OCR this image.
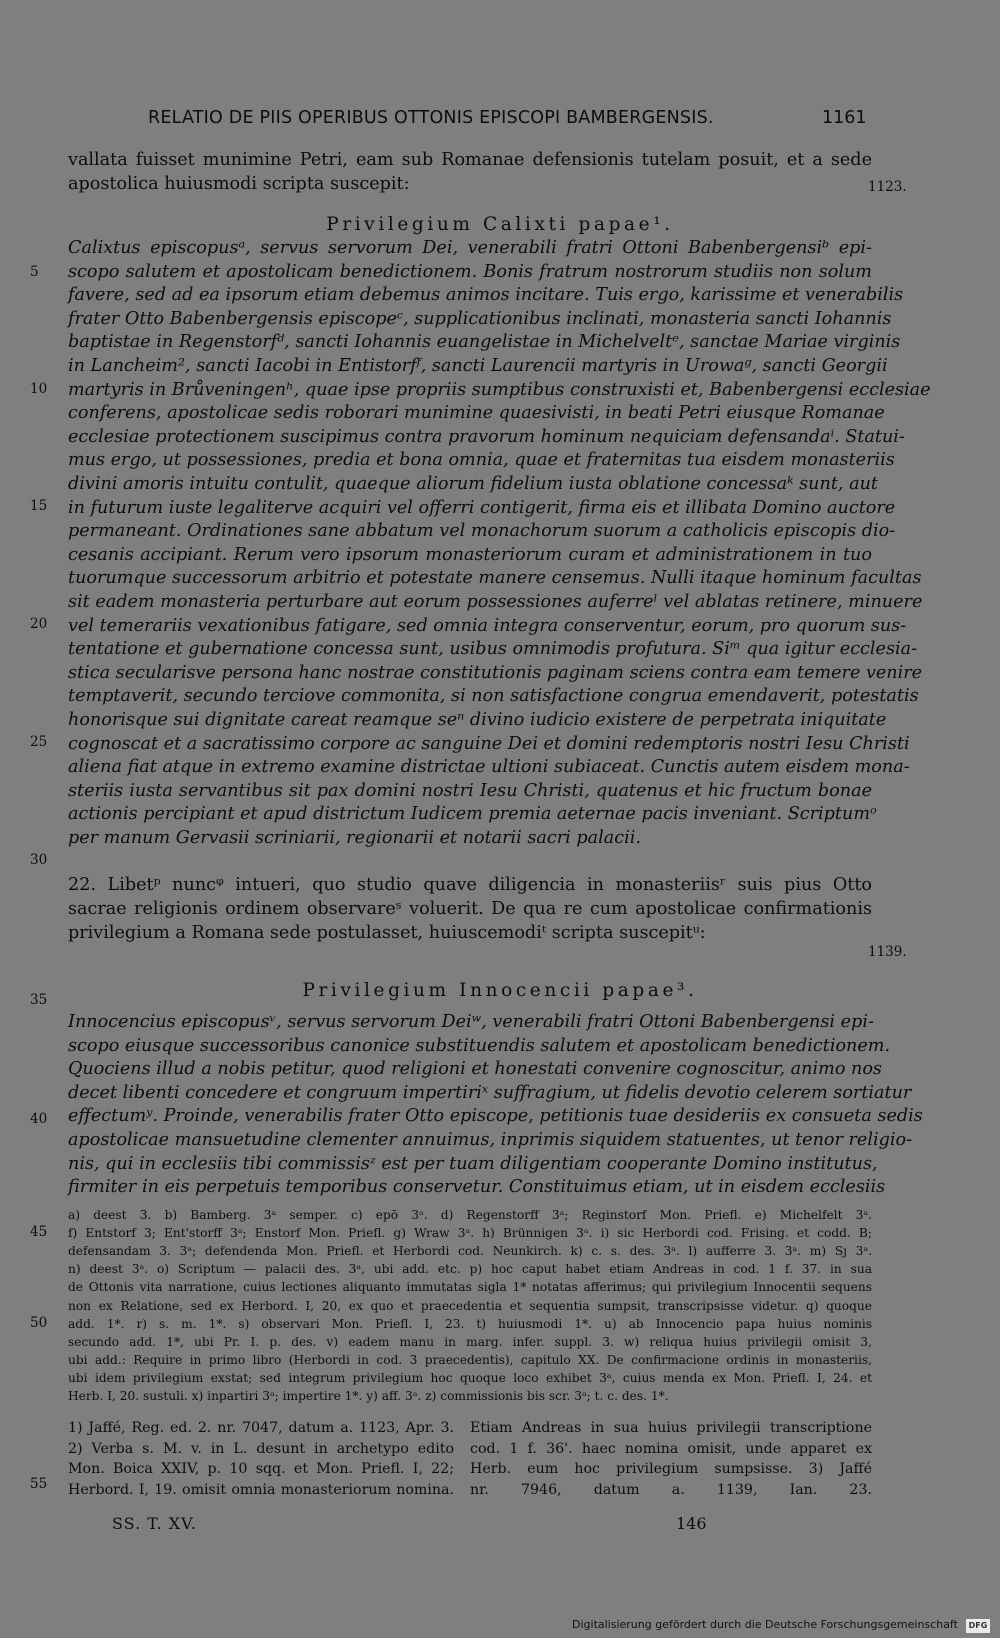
RELATIO DE PIIS OPERIBUS OTTONIS EPISCOPI BAMBERGENSIS.	1161
vallata fuisset munimine Petri, eam sub Romanae defensionis tutelam posuit, et a sede
apostolica huiusmodi scripta suscepit:	1123.
Privilegium Calixti papae¹.
Calixtus episcopusᵃ, servus servorum Dei, venerabili fratri Ottoni Babenbergensiᵇ epi-
scopo salutem et apostolicam benedictionem. Bonis fratrum nostrorum studiis non solum
favere, sed ad ea ipsorum etiam debemus animos incitare. Tuis ergo, karissime et venerabilis
frater Otto Babenbergensis episcopeᶜ, supplicationibus inclinati, monasteria sancti Iohannis
baptistae in Regenstorfᵈ, sancti Iohannis euangelistae in Michelveltᵉ, sanctae Mariae virginis
in Lancheim², sancti Iacobi in Entistorfᶠ, sancti Laurencii martyris in Urowaᵍ, sancti Georgii
martyris in Brůveningenʰ, quae ipse propriis sumptibus construxisti et, Babenbergensi ecclesiae
conferens, apostolicae sedis roborari munimine quaesivisti, in beati Petri eiusque Romanae
ecclesiae protectionem suscipimus contra pravorum hominum nequiciam defensandaⁱ. Statui-
mus ergo, ut possessiones, predia et bona omnia, quae et fraternitas tua eisdem monasteriis
divini amoris intuitu contulit, quaeque aliorum fidelium iusta oblatione concessaᵏ sunt, aut
in futurum iuste legaliterve acquiri vel offerri contigerit, firma eis et illibata Domino auctore
permaneant. Ordinationes sane abbatum vel monachorum suorum a catholicis episcopis dio-
cesanis accipiant. Rerum vero ipsorum monasteriorum curam et administrationem in tuo
tuorumque successorum arbitrio et potestate manere censemus. Nulli itaque hominum facultas
sit eadem monasteria perturbare aut eorum possessiones auferreˡ vel ablatas retinere, minuere
vel temerariis vexationibus fatigare, sed omnia integra conserventur, eorum, pro quorum sus-
tentatione et gubernatione concessa sunt, usibus omnimodis profutura. Siᵐ qua igitur ecclesia-
stica secularisve persona hanc nostrae constitutionis paginam sciens contra eam temere venire
temptaverit, secundo terciove commonita, si non satisfactione congrua emendaverit, potestatis
honorisque sui dignitate careat reamque seⁿ divino iudicio existere de perpetrata iniquitate
cognoscat et a sacratissimo corpore ac sanguine Dei et domini redemptoris nostri Iesu Christi
aliena fiat atque in extremo examine districtae ultioni subiaceat. Cunctis autem eisdem mona-
steriis iusta servantibus sit pax domini nostri Iesu Christi, quatenus et hic fructum bonae
actionis percipiant et apud districtum Iudicem premia aeternae pacis inveniant. Scriptumᵒ
per manum Gervasii scriniarii, regionarii et notarii sacri palacii.
22. Libetᵖ nuncᵠ intueri, quo studio quave diligencia in monasteriisʳ suis pius Otto
sacrae religionis ordinem observareˢ voluerit. De qua re cum apostolicae confirmationis
privilegium a Romana sede postulasset, huiuscemodiᵗ scripta suscepitᵘ:
1139.
Privilegium Innocencii papae³.
Innocencius episcopusᵛ, servus servorum Deiʷ, venerabili fratri Ottoni Babenbergensi epi-
scopo eiusque successoribus canonice substituendis salutem et apostolicam benedictionem.
Quociens illud a nobis petitur, quod religioni et honestati convenire cognoscitur, animo nos
decet libenti concedere et congruum impertiriˣ suffragium, ut fidelis devotio celerem sortiatur
effectumʸ. Proinde, venerabilis frater Otto episcope, petitionis tuae desideriis ex consueta sedis
apostolicae mansuetudine clementer annuimus, inprimis siquidem statuentes, ut tenor religio-
nis, qui in ecclesiis tibi commissisᶻ est per tuam diligentiam cooperante Domino institutus,
firmiter in eis perpetuis temporibus conservetur. Constituimus etiam, ut in eisdem ecclesiis
5
10
15
20
25
30
35
40
45
50
55
a) deest 3. b) Bamberg. 3ᵃ semper. c) epō 3ᵃ. d) Regenstorff 3ᵃ; Reginstorf Mon. Priefl. e) Michelfelt 3ᵃ.
f) Entstorf 3; Ent'storff 3ᵃ; Enstorf Mon. Priefl. g) Wraw 3ᵃ. h) Brünnigen 3ᵃ. i) sic Herbordi cod. Frising. et codd. B;
defensandam 3. 3ᵃ; defendenda Mon. Priefl. et Herbordi cod. Neunkirch. k) c. s. des. 3ᵃ. l) aufferre 3. 3ᵃ. m) Sȷ 3ᵃ.
n) deest 3ᵃ. o) Scriptum — palacii des. 3ᵃ, ubi add. etc. p) hoc caput habet etiam Andreas in cod. 1 f. 37. in sua
de Ottonis vita narratione, cuius lectiones aliquanto immutatas sigla 1* notatas afferimus; qui privilegium Innocentii sequens
non ex Relatione, sed ex Herbord. I, 20, ex quo et praecedentia et sequentia sumpsit, transcripsisse videtur. q) quoque
add. 1*. r) s. m. 1*. s) observari Mon. Priefl. I, 23. t) huiusmodi 1*. u) ab Innocencio papa huius nominis
secundo add. 1*, ubi Pr. I. p. des. v) eadem manu in marg. infer. suppl. 3. w) reliqua huius privilegii omisit 3,
ubi add.: Require in primo libro (Herbordi in cod. 3 praecedentis), capitulo XX. De confirmacione ordinis in monasteriis,
ubi idem privilegium exstat; sed integrum privilegium hoc quoque loco exhibet 3ᵃ, cuius menda ex Mon. Priefl. I, 24. et
Herb. I, 20. sustuli. x) inpartiri 3ᵃ; impertire 1*. y) aff. 3ᵃ. z) commissionis bis scr. 3ᵃ; t. c. des. 1*.
1) Jaffé, Reg. ed. 2. nr. 7047, datum a. 1123, Apr. 3.
2) Verba s. M. v. in L. desunt in archetypo edito
Mon. Boica XXIV, p. 10 sqq. et Mon. Priefl. I, 22;
Herbord. I, 19. omisit omnia monasteriorum nomina.
Etiam Andreas in sua huius privilegii transcriptione
cod. 1 f. 36'. haec nomina omisit, unde apparet ex
Herb. eum hoc privilegium sumpsisse. 3) Jaffé
nr. 7946, datum a. 1139, Ian. 23.
SS. T. XV.	146
Digitalisierung gefördert durch die Deutsche Forschungsgemeinschaft	DFG
